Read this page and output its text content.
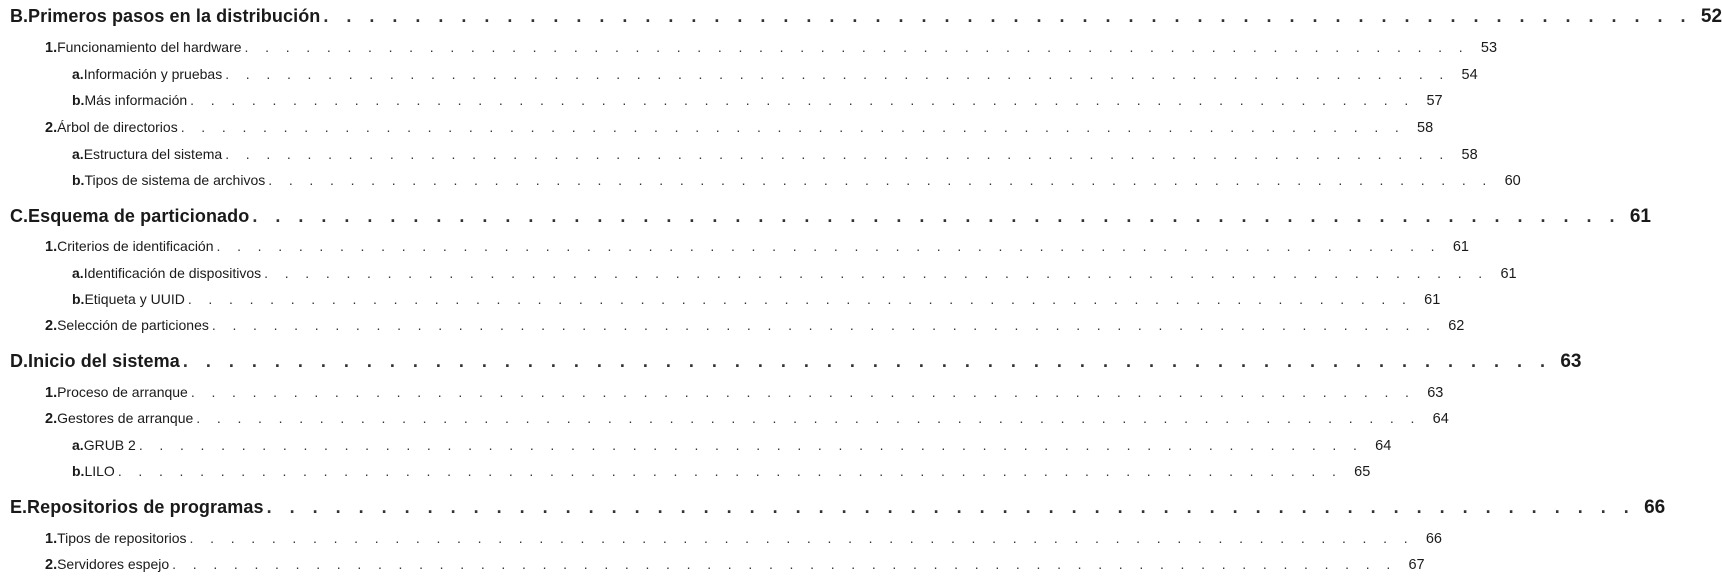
B. Primeros pasos en la distribución . . . . . . . . . . . . . . . . . . . . . . . . . . . . . . . . . . . . . . . . . . . . . . . . . . . . . . . . . . . . 52
1. Funcionamiento del hardware . . . . . . . . . . . . . . . . . . . . . . . . . . . . . . . . . . . . . . . . . . . . . . . . . . . . . . . . . . . . 53
a. Información y pruebas . . . . . . . . . . . . . . . . . . . . . . . . . . . . . . . . . . . . . . . . . . . . . . . . . . . . . . . . . . . . 54
b. Más información . . . . . . . . . . . . . . . . . . . . . . . . . . . . . . . . . . . . . . . . . . . . . . . . . . . . . . . . . . . . 57
2. Árbol de directorios . . . . . . . . . . . . . . . . . . . . . . . . . . . . . . . . . . . . . . . . . . . . . . . . . . . . . . . . . . . . 58
a. Estructura del sistema . . . . . . . . . . . . . . . . . . . . . . . . . . . . . . . . . . . . . . . . . . . . . . . . . . . . . . . . . . . . 58
b. Tipos de sistema de archivos . . . . . . . . . . . . . . . . . . . . . . . . . . . . . . . . . . . . . . . . . . . . . . . . . . . . . . . . . . . . 60
C. Esquema de particionado . . . . . . . . . . . . . . . . . . . . . . . . . . . . . . . . . . . . . . . . . . . . . . . . . . . . . . . . . . . . 61
1. Criterios de identificación . . . . . . . . . . . . . . . . . . . . . . . . . . . . . . . . . . . . . . . . . . . . . . . . . . . . . . . . . . . . 61
a. Identificación de dispositivos . . . . . . . . . . . . . . . . . . . . . . . . . . . . . . . . . . . . . . . . . . . . . . . . . . . . . . . . . . . . 61
b. Etiqueta y UUID . . . . . . . . . . . . . . . . . . . . . . . . . . . . . . . . . . . . . . . . . . . . . . . . . . . . . . . . . . . . 61
2. Selección de particiones . . . . . . . . . . . . . . . . . . . . . . . . . . . . . . . . . . . . . . . . . . . . . . . . . . . . . . . . . . . . 62
D. Inicio del sistema . . . . . . . . . . . . . . . . . . . . . . . . . . . . . . . . . . . . . . . . . . . . . . . . . . . . . . . . . . . . 63
1. Proceso de arranque . . . . . . . . . . . . . . . . . . . . . . . . . . . . . . . . . . . . . . . . . . . . . . . . . . . . . . . . . . . . 63
2. Gestores de arranque . . . . . . . . . . . . . . . . . . . . . . . . . . . . . . . . . . . . . . . . . . . . . . . . . . . . . . . . . . . . 64
a. GRUB 2 . . . . . . . . . . . . . . . . . . . . . . . . . . . . . . . . . . . . . . . . . . . . . . . . . . . . . . . . . . . . 64
b. LILO . . . . . . . . . . . . . . . . . . . . . . . . . . . . . . . . . . . . . . . . . . . . . . . . . . . . . . . . . . . . 65
E. Repositorios de programas . . . . . . . . . . . . . . . . . . . . . . . . . . . . . . . . . . . . . . . . . . . . . . . . . . . . . . . . . . . . 66
1. Tipos de repositorios . . . . . . . . . . . . . . . . . . . . . . . . . . . . . . . . . . . . . . . . . . . . . . . . . . . . . . . . . . . . 66
2. Servidores espejo . . . . . . . . . . . . . . . . . . . . . . . . . . . . . . . . . . . . . . . . . . . . . . . . . . . . . . . . . . . . 67
